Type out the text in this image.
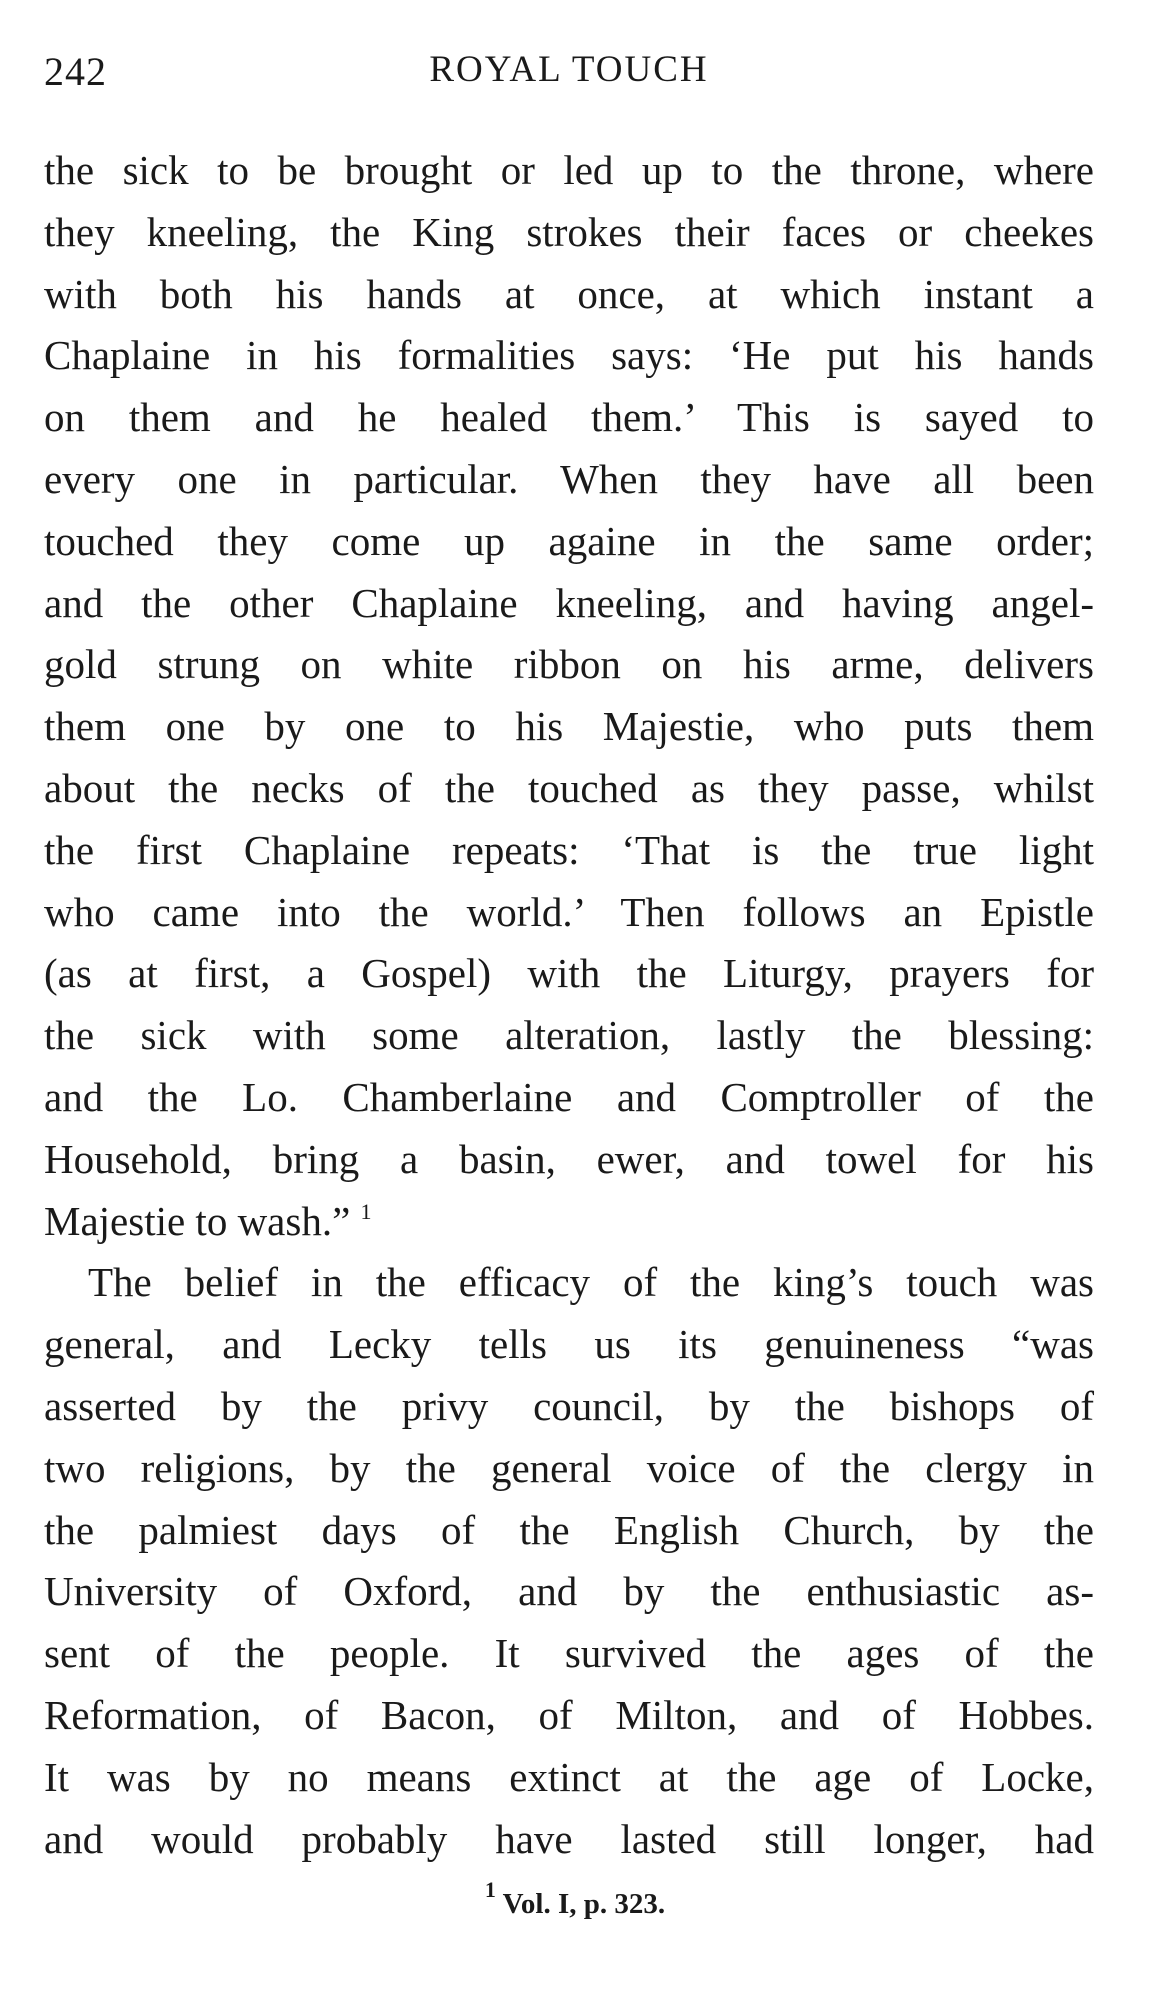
242	ROYAL TOUCH
the sick to be brought or led up to the throne, where
they kneeling, the King strokes their faces or cheekes
with both his hands at once, at which instant a
Chaplaine in his formalities says: ‘He put his hands
on them and he healed them.’ This is sayed to
every one in particular. When they have all been
touched they come up againe in the same order;
and the other Chaplaine kneeling, and having angel-
gold strung on white ribbon on his arme, delivers
them one by one to his Majestie, who puts them
about the necks of the touched as they passe, whilst
the first Chaplaine repeats: ‘That is the true light
who came into the world.’ Then follows an Epistle
(as at first, a Gospel) with the Liturgy, prayers for
the sick with some alteration, lastly the blessing:
and the Lo. Chamberlaine and Comptroller of the
Household, bring a basin, ewer, and towel for his
Majestie to wash.” $^1$
The belief in the efficacy of the king’s touch was
general, and Lecky tells us its genuineness “was
asserted by the privy council, by the bishops of
two religions, by the general voice of the clergy in
the palmiest days of the English Church, by the
University of Oxford, and by the enthusiastic as-
sent of the people. It survived the ages of the
Reformation, of Bacon, of Milton, and of Hobbes.
It was by no means extinct at the age of Locke,
and would probably have lasted still longer, had
$^1$ Vol. I, p. 323.
